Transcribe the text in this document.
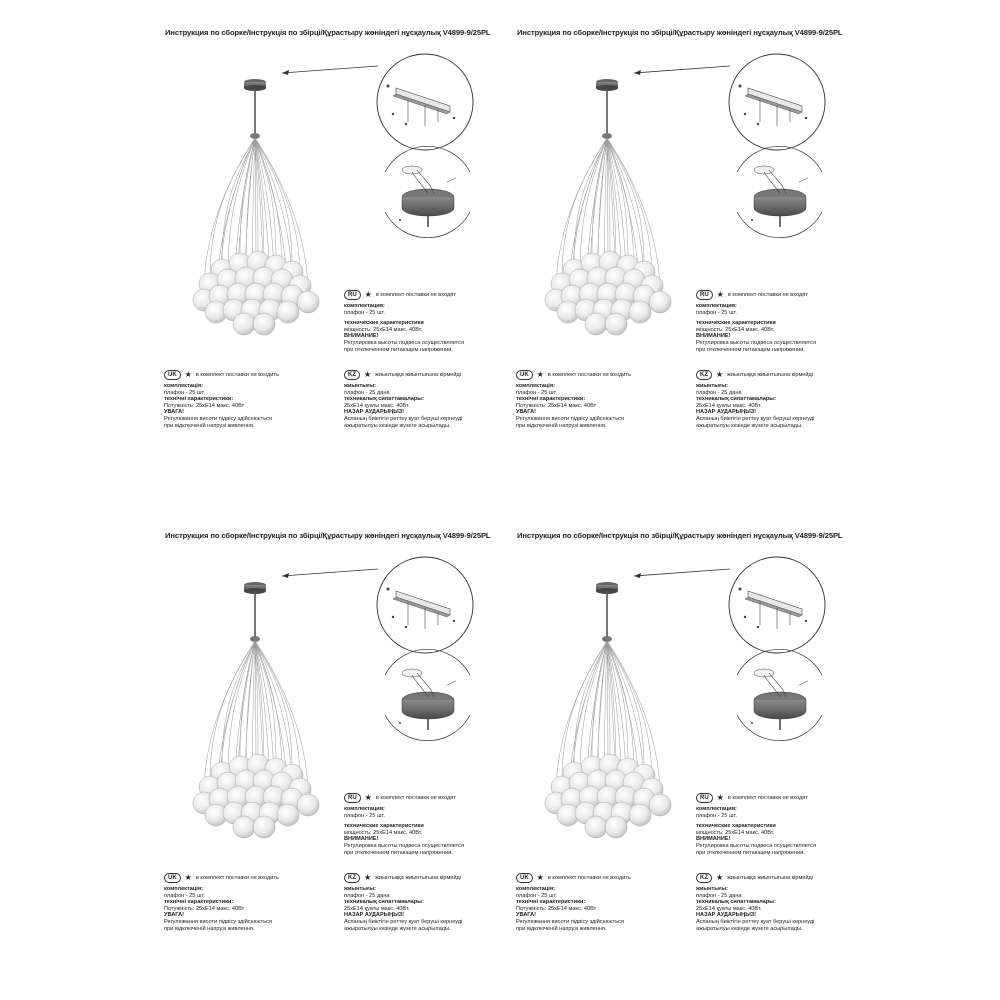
Инструкция по сборке/Інструкція по збірці/Құрастыру жөніндегі нұсқаулық V4899-9/25PL
RU	★ в комплект поставки не входят
комплектация:
плафон - 25 шт.
технические характеристики
мощность: 25хЕ14 макс. 40Вт.
ВНИМАНИЕ!
Регулировка высоты подвеса осуществляется
при отключенном питающем напряжении.
UK	★ в комплект поставки не входить
комплектація:
плафон - 25 шт.
технічні характеристики:
Потужність: 25хЕ14 макс. 40Вт
УВАГА!
Регулювання висоти підвісу здійснюється
при відключеній напрузі живлення.
KZ	★ жиынтыққа жиынтығына кірмейді
жиынтығы:
плафон - 25 дана
техникалық сипаттамалары:
25хЕ14 қуаты макс. 40Вт.
НАЗАР АУДАРЫҢЫЗ!
Аспаның биіктігін реттеу қуат беруші кернеуді
ажыратылуы кезінде жүзеге асырылады.
Инструкция по сборке/Інструкція по збірці/Құрастыру жөніндегі нұсқаулық V4899-9/25PL
RU	★ в комплект поставки не входят
комплектация:
плафон - 25 шт.
технические характеристики
мощность: 25хЕ14 макс. 40Вт.
ВНИМАНИЕ!
Регулировка высоты подвеса осуществляется
при отключенном питающем напряжении.
UK	★ в комплект поставки не входить
комплектація:
плафон - 25 шт.
технічні характеристики:
Потужність: 25хЕ14 макс. 40Вт
УВАГА!
Регулювання висоти підвісу здійснюється
при відключеній напрузі живлення.
KZ	★ жиынтыққа жиынтығына кірмейді
жиынтығы:
плафон - 25 дана
техникалық сипаттамалары:
25хЕ14 қуаты макс. 40Вт.
НАЗАР АУДАРЫҢЫЗ!
Аспаның биіктігін реттеу қуат беруші кернеуді
ажыратылуы кезінде жүзеге асырылады.
Инструкция по сборке/Інструкція по збірці/Құрастыру жөніндегі нұсқаулық V4899-9/25PL
RU	★ в комплект поставки не входят
комплектация:
плафон - 25 шт.
технические характеристики
мощность: 25хЕ14 макс. 40Вт.
ВНИМАНИЕ!
Регулировка высоты подвеса осуществляется
при отключенном питающем напряжении.
UK	★ в комплект поставки не входить
комплектація:
плафон - 25 шт.
технічні характеристики:
Потужність: 25хЕ14 макс. 40Вт
УВАГА!
Регулювання висоти підвісу здійснюється
при відключеній напрузі живлення.
KZ	★ жиынтыққа жиынтығына кірмейді
жиынтығы:
плафон - 25 дана
техникалық сипаттамалары:
25хЕ14 қуаты макс. 40Вт.
НАЗАР АУДАРЫҢЫЗ!
Аспаның биіктігін реттеу қуат беруші кернеуді
ажыратылуы кезінде жүзеге асырылады.
Инструкция по сборке/Інструкція по збірці/Құрастыру жөніндегі нұсқаулық V4899-9/25PL
RU	★ в комплект поставки не входят
комплектация:
плафон - 25 шт.
технические характеристики
мощность: 25хЕ14 макс. 40Вт.
ВНИМАНИЕ!
Регулировка высоты подвеса осуществляется
при отключенном питающем напряжении.
UK	★ в комплект поставки не входить
комплектація:
плафон - 25 шт.
технічні характеристики:
Потужність: 25хЕ14 макс. 40Вт
УВАГА!
Регулювання висоти підвісу здійснюється
при відключеній напрузі живлення.
KZ	★ жиынтыққа жиынтығына кірмейді
жиынтығы:
плафон - 25 дана
техникалық сипаттамалары:
25хЕ14 қуаты макс. 40Вт.
НАЗАР АУДАРЫҢЫЗ!
Аспаның биіктігін реттеу қуат беруші кернеуді
ажыратылуы кезінде жүзеге асырылады.
